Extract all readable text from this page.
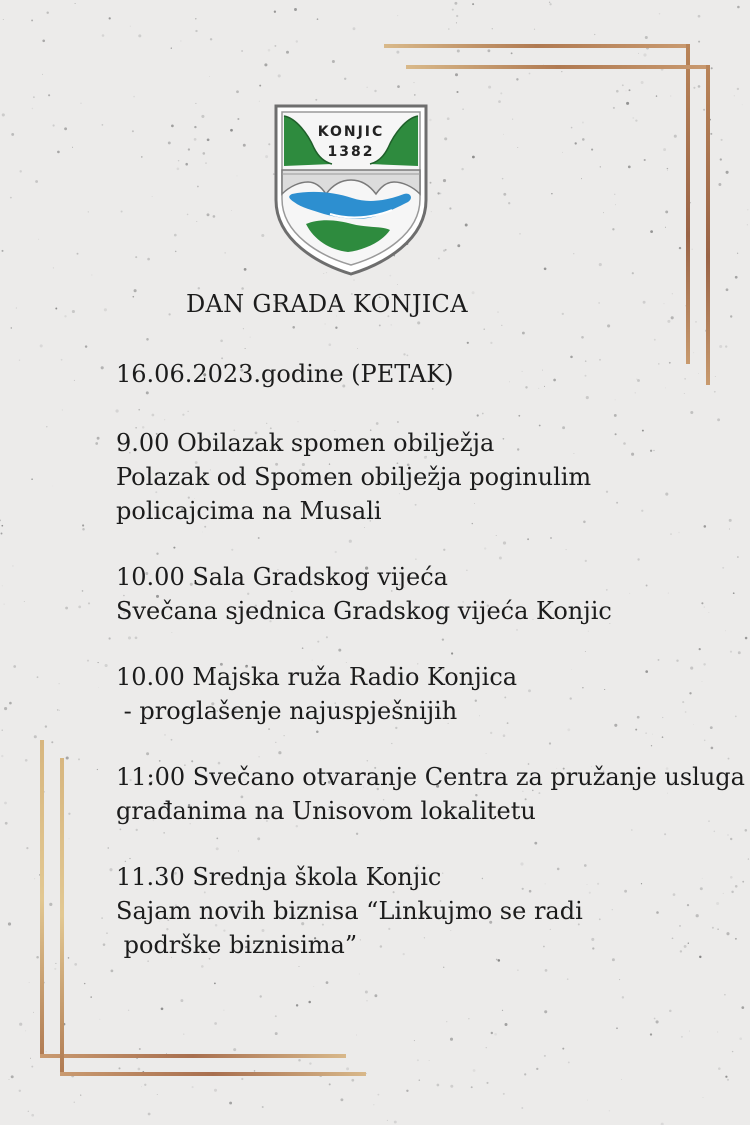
KONJIC
1382
DAN GRADA KONJICA
16.06.2023.godine (PETAK)
9.00 Obilazak spomen obilježja
Polazak od Spomen obilježja poginulim
policajcima na Musali
10.00 Sala Gradskog vijeća
Svečana sjednica Gradskog vijeća Konjic
10.00 Majska ruža Radio Konjica
- proglašenje najuspješnijih
11:00 Svečano otvaranje Centra za pružanje usluga
građanima na Unisovom lokalitetu
11.30 Srednja škola Konjic
Sajam novih biznisa “Linkujmo se radi
podrške biznisima”
